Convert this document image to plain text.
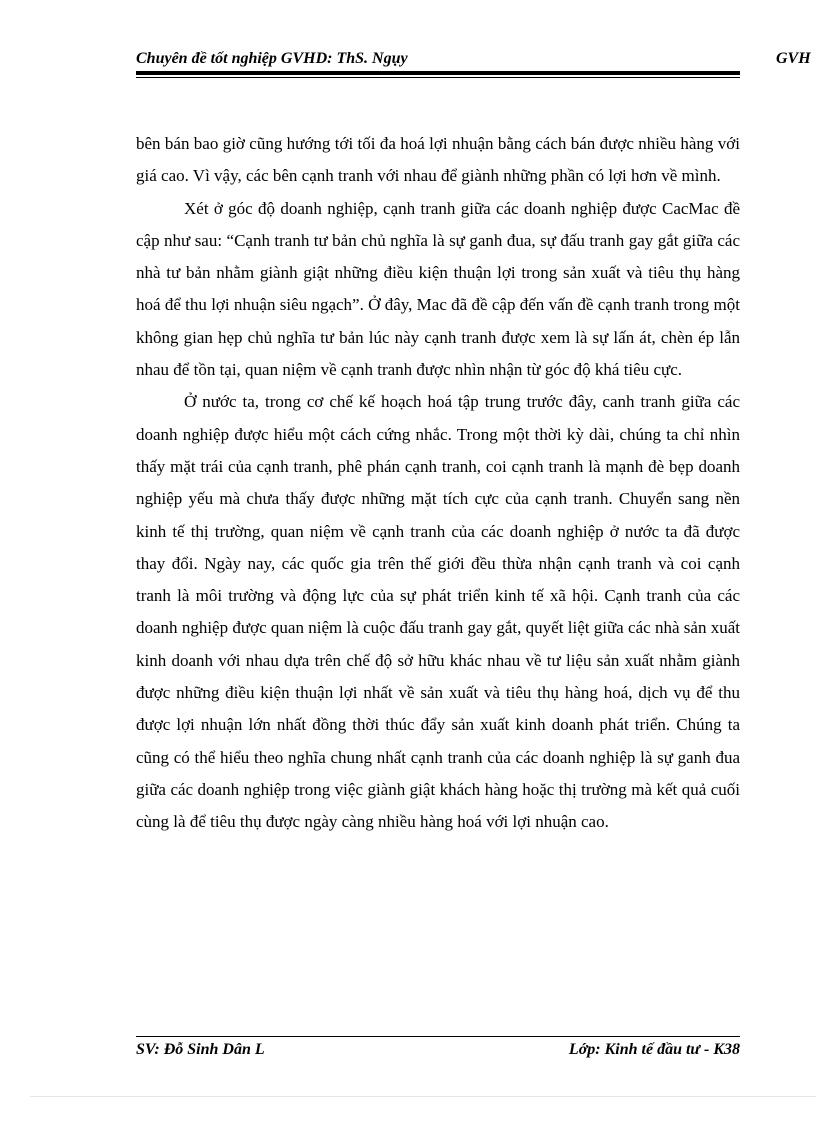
Chuyên đề tốt nghiệp GVHD: ThS. Ngụy	GVH

bên bán bao giờ cũng hướng tới tối đa hoá lợi nhuận bằng cách bán được nhiều hàng với giá cao. Vì vậy, các bên cạnh tranh với nhau để giành những phần có lợi hơn về mình.

Xét ở góc độ doanh nghiệp, cạnh tranh giữa các doanh nghiệp được CacMac đề cập như sau: “Cạnh tranh tư bản chủ nghĩa là sự ganh đua, sự đấu tranh gay gắt giữa các nhà tư bản nhằm giành giật những điều kiện thuận lợi trong sản xuất và tiêu thụ hàng hoá để thu lợi nhuận siêu ngạch”. Ở đây, Mac đã đề cập đến vấn đề cạnh tranh trong một không gian hẹp chủ nghĩa tư bản lúc này cạnh tranh được xem là sự lấn át, chèn ép lẫn nhau để tồn tại, quan niệm về cạnh tranh được nhìn nhận từ góc độ khá tiêu cực.

Ở nước ta, trong cơ chế kế hoạch hoá tập trung trước đây, canh tranh giữa các doanh nghiệp được hiểu một cách cứng nhắc. Trong một thời kỳ dài, chúng ta chỉ nhìn thấy mặt trái của cạnh tranh, phê phán cạnh tranh, coi cạnh tranh là mạnh đè bẹp doanh nghiệp yếu mà chưa thấy được những mặt tích cực của cạnh tranh. Chuyển sang nền kinh tế thị trường, quan niệm về cạnh tranh của các doanh nghiệp ở nước ta đã được thay đổi. Ngày nay, các quốc gia trên thế giới đều thừa nhận cạnh tranh và coi cạnh tranh là môi trường và động lực của sự phát triển kinh tế xã hội. Cạnh tranh của các doanh nghiệp được quan niệm là cuộc đấu tranh gay gắt, quyết liệt giữa các nhà sản xuất kinh doanh với nhau dựa trên chế độ sở hữu khác nhau về tư liệu sản xuất nhằm giành được những điều kiện thuận lợi nhất về sản xuất và tiêu thụ hàng hoá, dịch vụ để thu được lợi nhuận lớn nhất đồng thời thúc đẩy sản xuất kinh doanh phát triển. Chúng ta cũng có thể hiểu theo nghĩa chung nhất cạnh tranh của các doanh nghiệp là sự ganh đua giữa các doanh nghiệp trong việc giành giật khách hàng hoặc thị trường mà kết quả cuối cùng là để tiêu thụ được ngày càng nhiều hàng hoá với lợi nhuận cao.

SV: Đỗ Sinh Dân L	Lớp: Kinh tế đầu tư - K38
